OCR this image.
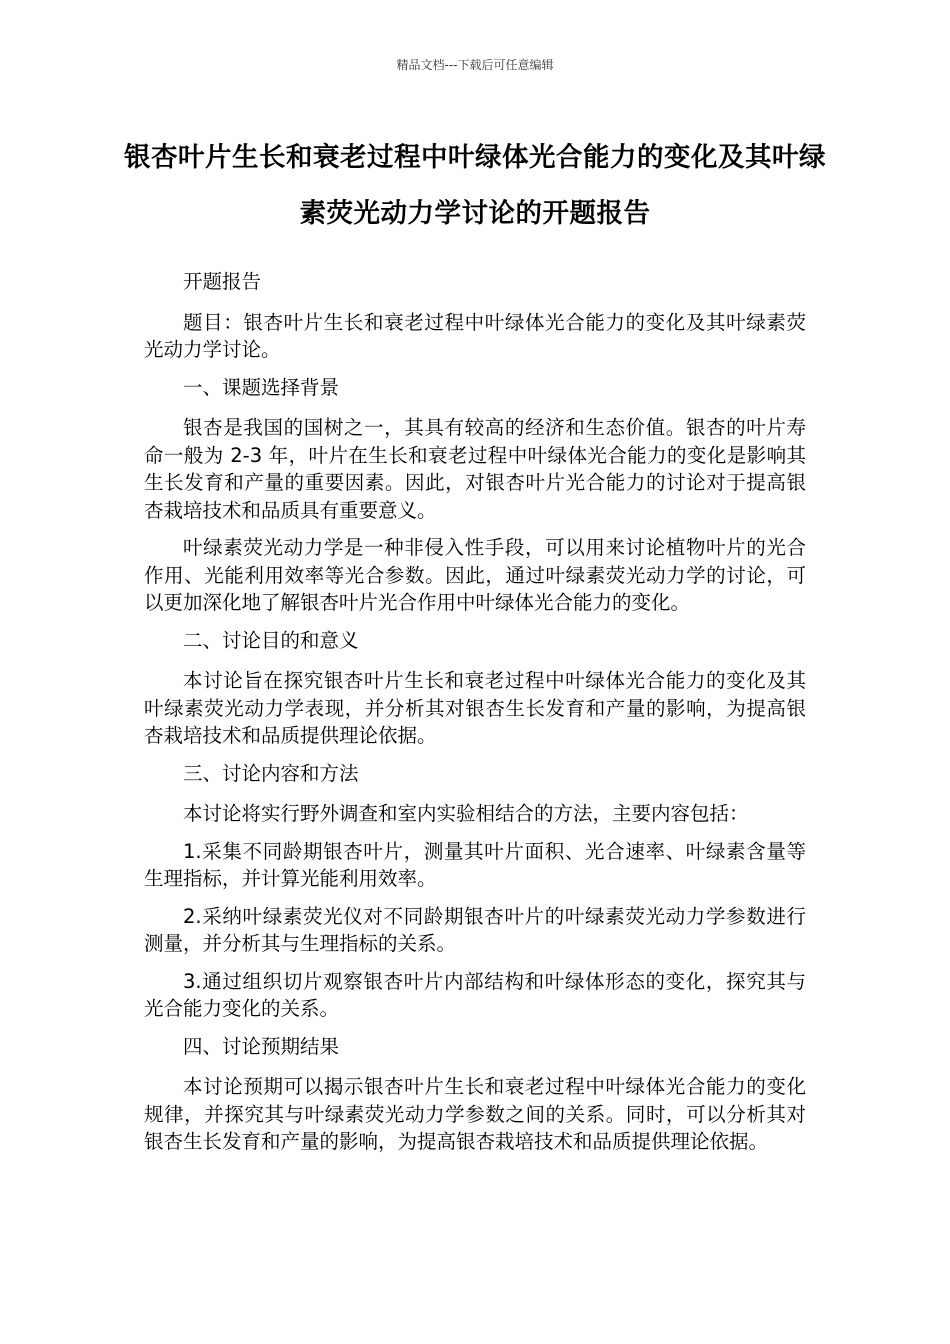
精品文档---下载后可任意编辑
银杏叶片生长和衰老过程中叶绿体光合能力的变化及其叶绿素荧光动力学讨论的开题报告

开题报告

题目：银杏叶片生长和衰老过程中叶绿体光合能力的变化及其叶绿素荧光动力学讨论。

一、课题选择背景

银杏是我国的国树之一，其具有较高的经济和生态价值。银杏的叶片寿命一般为 2-3 年，叶片在生长和衰老过程中叶绿体光合能力的变化是影响其生长发育和产量的重要因素。因此，对银杏叶片光合能力的讨论对于提高银杏栽培技术和品质具有重要意义。

叶绿素荧光动力学是一种非侵入性手段，可以用来讨论植物叶片的光合作用、光能利用效率等光合参数。因此，通过叶绿素荧光动力学的讨论，可以更加深化地了解银杏叶片光合作用中叶绿体光合能力的变化。

二、讨论目的和意义

本讨论旨在探究银杏叶片生长和衰老过程中叶绿体光合能力的变化及其叶绿素荧光动力学表现，并分析其对银杏生长发育和产量的影响，为提高银杏栽培技术和品质提供理论依据。

三、讨论内容和方法

本讨论将实行野外调查和室内实验相结合的方法，主要内容包括：

1.采集不同龄期银杏叶片，测量其叶片面积、光合速率、叶绿素含量等生理指标，并计算光能利用效率。

2.采纳叶绿素荧光仪对不同龄期银杏叶片的叶绿素荧光动力学参数进行测量，并分析其与生理指标的关系。

3.通过组织切片观察银杏叶片内部结构和叶绿体形态的变化，探究其与光合能力变化的关系。

四、讨论预期结果

本讨论预期可以揭示银杏叶片生长和衰老过程中叶绿体光合能力的变化规律，并探究其与叶绿素荧光动力学参数之间的关系。同时，可以分析其对银杏生长发育和产量的影响，为提高银杏栽培技术和品质提供理论依据。
